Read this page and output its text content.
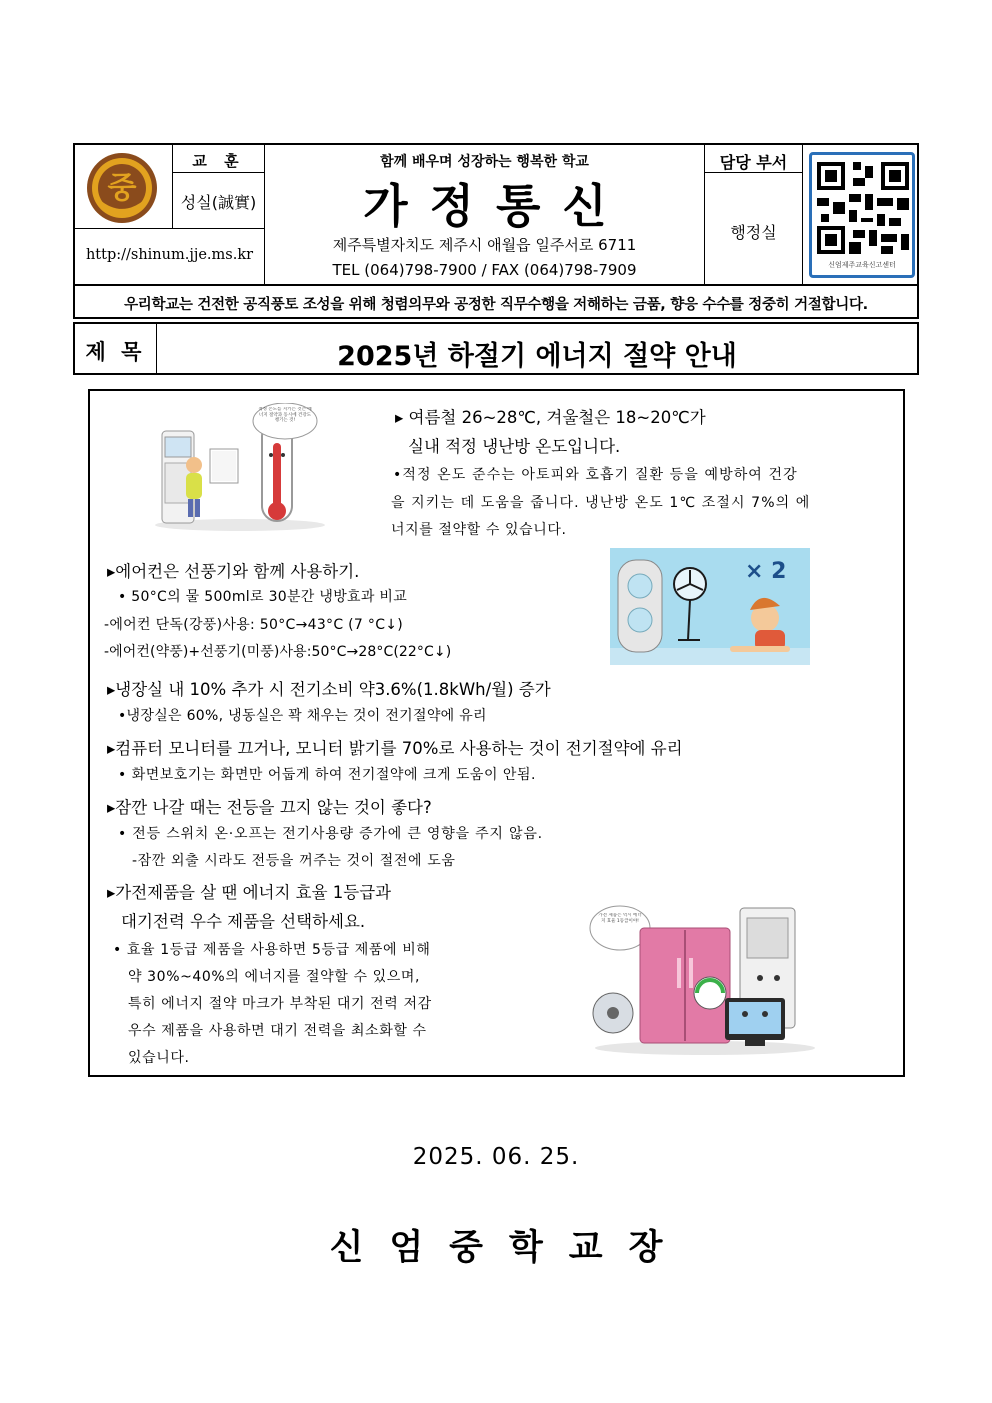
중
교 훈
성실(誠實)
http://shinum.jje.ms.kr
함께 배우며 성장하는 행복한 학교
가정통신
제주특별자치도 제주시 애월읍 일주서로 6711
TEL (064)798-7900 / FAX (064)798-7909
담당 부서
행정실
신엄제주교육신고센터
우리학교는 건전한 공직풍토 조성을 위해 청렴의무와 공정한 직무수행을 저해하는 금품, 향응 수수를 정중히 거절합니다.
제 목	2025년 하절기 에너지 절약 안내
적정 온도를 지키는 것은 에너지 절약과 동시에 건강도 챙기는 것!	▸ 여름철 26~28℃, 겨울철은 18~20℃가
실내 적정 냉난방 온도입니다.
•적정 온도 준수는 아토피와 호흡기 질환 등을 예방하여 건강
을 지키는 데 도움을 줍니다. 냉난방 온도 1℃ 조절시 7%의 에
너지를 절약할 수 있습니다.
▸에어컨은 선풍기와 함께 사용하기.
• 50°C의 물 500ml로 30분간 냉방효과 비교
-에어컨 단독(강풍)사용: 50°C→43°C (7 °C↓)
-에어컨(약풍)+선풍기(미풍)사용:50°C→28°C(22°C↓)
× 2
▸냉장실 내 10% 추가 시 전기소비 약3.6%(1.8kWh/월) 증가
•냉장실은 60%, 냉동실은 꽉 채우는 것이 전기절약에 유리
▸컴퓨터 모니터를 끄거나, 모니터 밝기를 70%로 사용하는 것이 전기절약에 유리
• 화면보호기는 화면만 어둡게 하여 전기절약에 크게 도움이 안됨.
▸잠깐 나갈 때는 전등을 끄지 않는 것이 좋다?
• 전등 스위치 온·오프는 전기사용량 증가에 큰 영향을 주지 않음.
-잠깐 외출 시라도 전등을 꺼주는 것이 절전에 도움
▸가전제품을 살 땐 에너지 효율 1등급과
대기전력 우수 제품을 선택하세요.
• 효율 1등급 제품을 사용하면 5등급 제품에 비해
약 30%~40%의 에너지를 절약할 수 있으며,
특히 에너지 절약 마크가 부착된 대기 전력 저감
우수 제품을 사용하면 대기 전력을 최소화할 수
있습니다.
가전 제품은 역시 에너지 효율 1등급이야!
2025. 06. 25.
신엄중학교장
